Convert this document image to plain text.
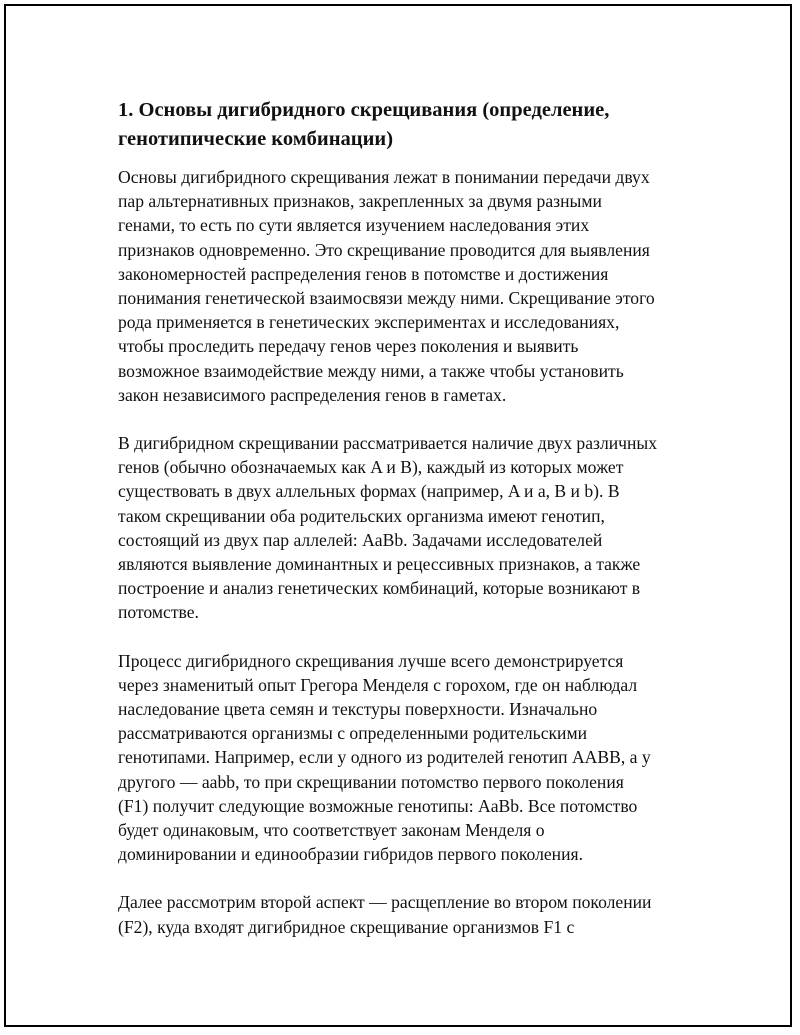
1. Основы дигибридного скрещивания (определение,
генотипические комбинации)
Основы дигибридного скрещивания лежат в понимании передачи двух
пар альтернативных признаков, закрепленных за двумя разными
генами, то есть по сути является изучением наследования этих
признаков одновременно. Это скрещивание проводится для выявления
закономерностей распределения генов в потомстве и достижения
понимания генетической взаимосвязи между ними. Скрещивание этого
рода применяется в генетических экспериментах и исследованиях,
чтобы проследить передачу генов через поколения и выявить
возможное взаимодействие между ними, а также чтобы установить
закон независимого распределения генов в гаметах.
В дигибридном скрещивании рассматривается наличие двух различных
генов (обычно обозначаемых как A и B), каждый из которых может
существовать в двух аллельных формах (например, A и a, B и b). В
таком скрещивании оба родительских организма имеют генотип,
состоящий из двух пар аллелей: AaBb. Задачами исследователей
являются выявление доминантных и рецессивных признаков, а также
построение и анализ генетических комбинаций, которые возникают в
потомстве.
Процесс дигибридного скрещивания лучше всего демонстрируется
через знаменитый опыт Грегора Менделя с горохом, где он наблюдал
наследование цвета семян и текстуры поверхности. Изначально
рассматриваются организмы с определенными родительскими
генотипами. Например, если у одного из родителей генотип AABB, а у
другого — aabb, то при скрещивании потомство первого поколения
(F1) получит следующие возможные генотипы: AaBb. Все потомство
будет одинаковым, что соответствует законам Менделя о
доминировании и единообразии гибридов первого поколения.
Далее рассмотрим второй аспект — расщепление во втором поколении
(F2), куда входят дигибридное скрещивание организмов F1 с
